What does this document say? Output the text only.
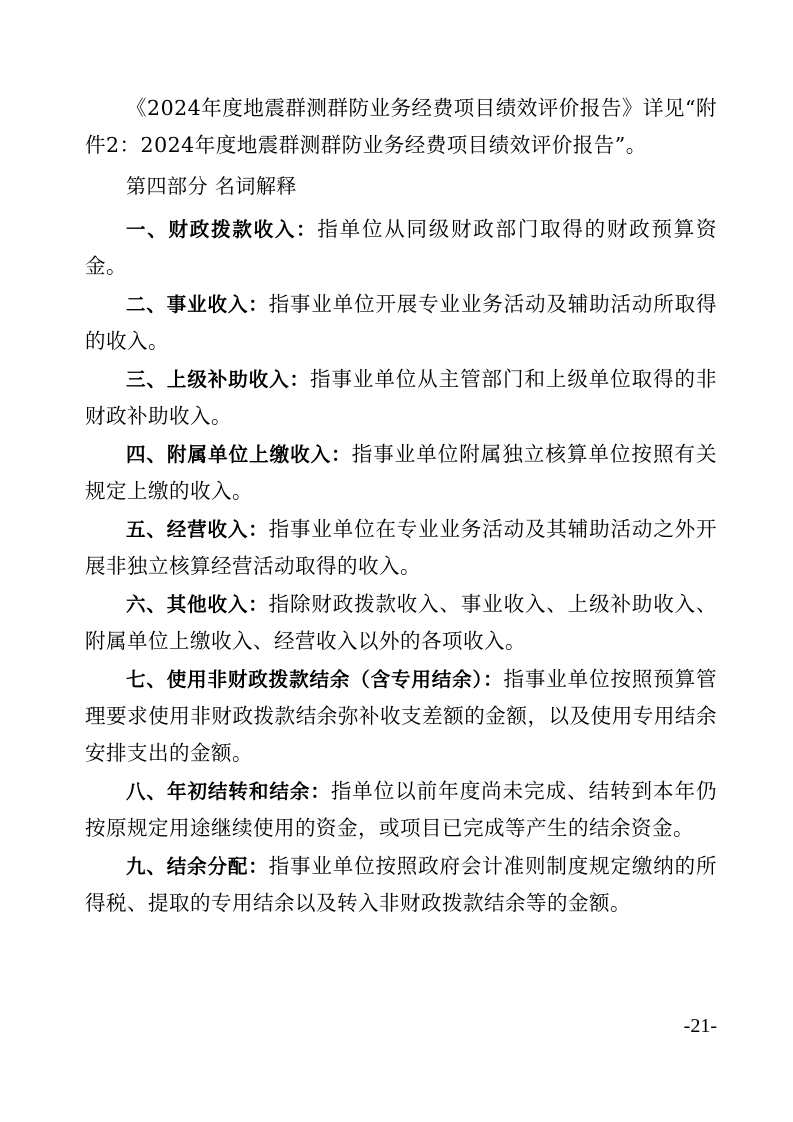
《2024年度地震群测群防业务经费项目绩效评价报告》详见“附件2：2024年度地震群测群防业务经费项目绩效评价报告”。

第四部分 名词解释

一、财政拨款收入：指单位从同级财政部门取得的财政预算资金。

二、事业收入：指事业单位开展专业业务活动及辅助活动所取得的收入。

三、上级补助收入：指事业单位从主管部门和上级单位取得的非财政补助收入。

四、附属单位上缴收入：指事业单位附属独立核算单位按照有关规定上缴的收入。

五、经营收入：指事业单位在专业业务活动及其辅助活动之外开展非独立核算经营活动取得的收入。

六、其他收入：指除财政拨款收入、事业收入、上级补助收入、附属单位上缴收入、经营收入以外的各项收入。

七、使用非财政拨款结余（含专用结余）：指事业单位按照预算管理要求使用非财政拨款结余弥补收支差额的金额，以及使用专用结余安排支出的金额。

八、年初结转和结余：指单位以前年度尚未完成、结转到本年仍按原规定用途继续使用的资金，或项目已完成等产生的结余资金。

九、结余分配：指事业单位按照政府会计准则制度规定缴纳的所得税、提取的专用结余以及转入非财政拨款结余等的金额。

-21-
